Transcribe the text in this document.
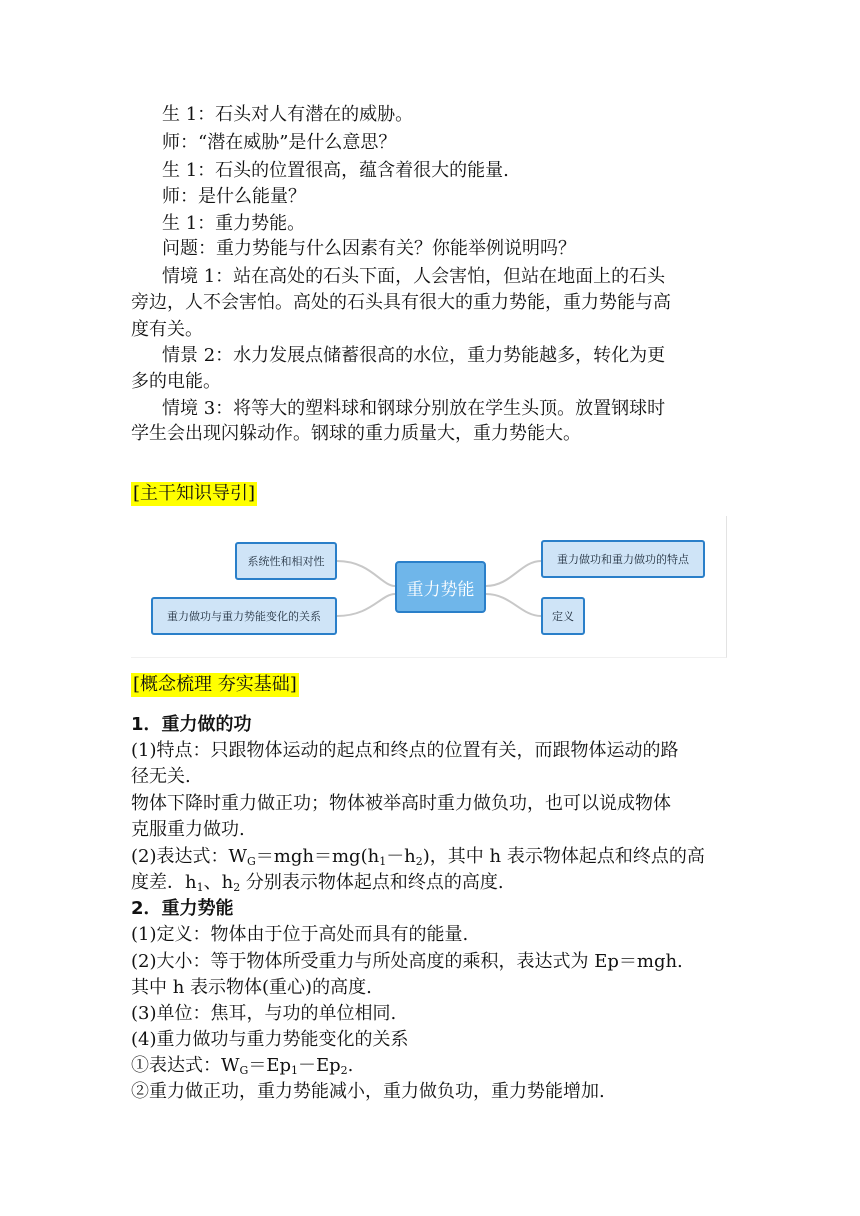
生 1：石头对人有潜在的威胁。
师：“潜在威胁”是什么意思？
生 1：石头的位置很高，蕴含着很大的能量.
师：是什么能量？
生 1：重力势能。
问题：重力势能与什么因素有关？你能举例说明吗？
情境 1：站在高处的石头下面，人会害怕，但站在地面上的石头
旁边，人不会害怕。高处的石头具有很大的重力势能，重力势能与高
度有关。
情景 2：水力发展点储蓄很高的水位，重力势能越多，转化为更
多的电能。
情境 3：将等大的塑料球和钢球分别放在学生头顶。放置钢球时
学生会出现闪躲动作。钢球的重力质量大，重力势能大。
[主干知识导引]
系统性和相对性
重力做功与重力势能变化的关系
重力势能
重力做功和重力做功的特点
定义
[概念梳理 夯实基础]
1．重力做的功
(1)特点：只跟物体运动的起点和终点的位置有关，而跟物体运动的路
径无关.
物体下降时重力做正功；物体被举高时重力做负功，也可以说成物体
克服重力做功.
(2)表达式：$W_G=mgh=mg(h_1-h_2)$，其中 h 表示物体起点和终点的高
度差．$h_1$、$h_2$ 分别表示物体起点和终点的高度.
2．重力势能
(1)定义：物体由于位于高处而具有的能量.
(2)大小：等于物体所受重力与所处高度的乘积，表达式为 Ep＝mgh.
其中 h 表示物体(重心)的高度.
(3)单位：焦耳，与功的单位相同.
(4)重力做功与重力势能变化的关系
①表达式：$W_G=Ep_1-Ep_2$.
②重力做正功，重力势能减小，重力做负功，重力势能增加.
